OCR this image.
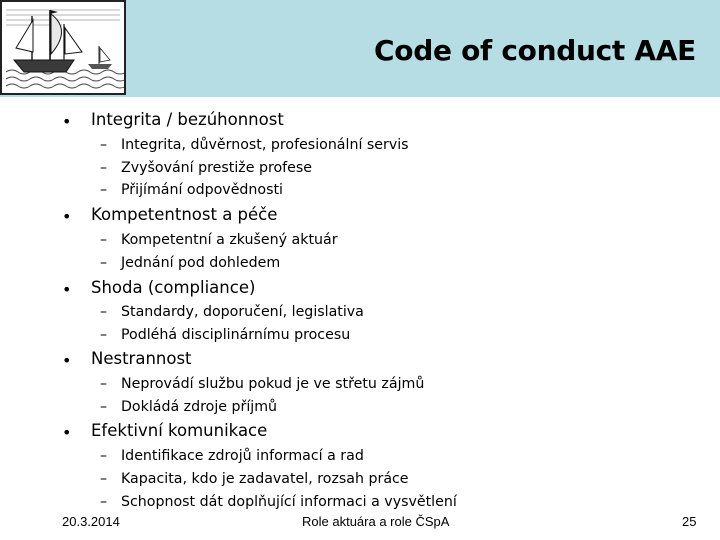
Code of conduct AAE
• Integrita / bezúhonnost
– Integrita, důvěrnost, profesionální servis
– Zvyšování prestiže profese
– Přijímání odpovědnosti
• Kompetentnost a péče
– Kompetentní a zkušený aktuár
– Jednání pod dohledem
• Shoda (compliance)
– Standardy, doporučení, legislativa
– Podléhá disciplinárnímu procesu
• Nestrannost
– Neprovádí službu pokud je ve střetu zájmů
– Dokládá zdroje příjmů
• Efektivní komunikace
– Identifikace zdrojů informací a rad
– Kapacita, kdo je zadavatel, rozsah práce
– Schopnost dát doplňující informaci a vysvětlení
20.3.2014	Role aktuára a role ČSpA	25
